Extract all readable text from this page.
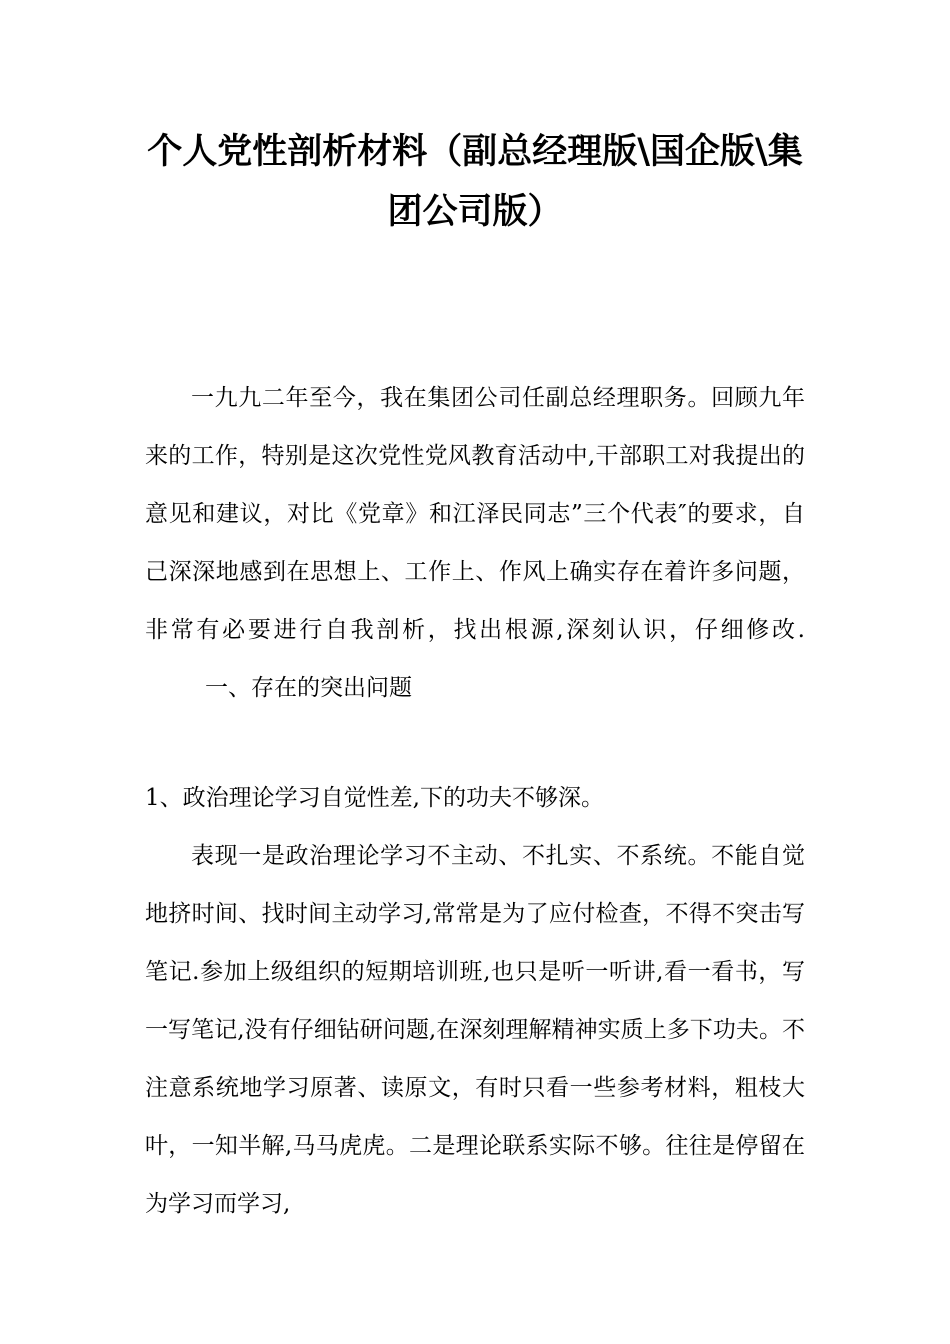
个人党性剖析材料（副总经理版\国企版\集团公司版）

一九九二年至今，我在集团公司任副总经理职务。回顾九年来的工作，特别是这次党性党风教育活动中,干部职工对我提出的意见和建议，对比《党章》和江泽民同志”三个代表″的要求，自己深深地感到在思想上、工作上、作风上确实存在着许多问题，非常有必要进行自我剖析，找出根源,深刻认识，仔细修改.一、存在的突出问题

1、政治理论学习自觉性差,下的功夫不够深。

表现一是政治理论学习不主动、不扎实、不系统。不能自觉地挤时间、找时间主动学习,常常是为了应付检查，不得不突击写笔记.参加上级组织的短期培训班,也只是听一听讲,看一看书，写一写笔记,没有仔细钻研问题,在深刻理解精神实质上多下功夫。不注意系统地学习原著、读原文，有时只看一些参考材料，粗枝大叶，一知半解,马马虎虎。二是理论联系实际不够。往往是停留在为学习而学习,
